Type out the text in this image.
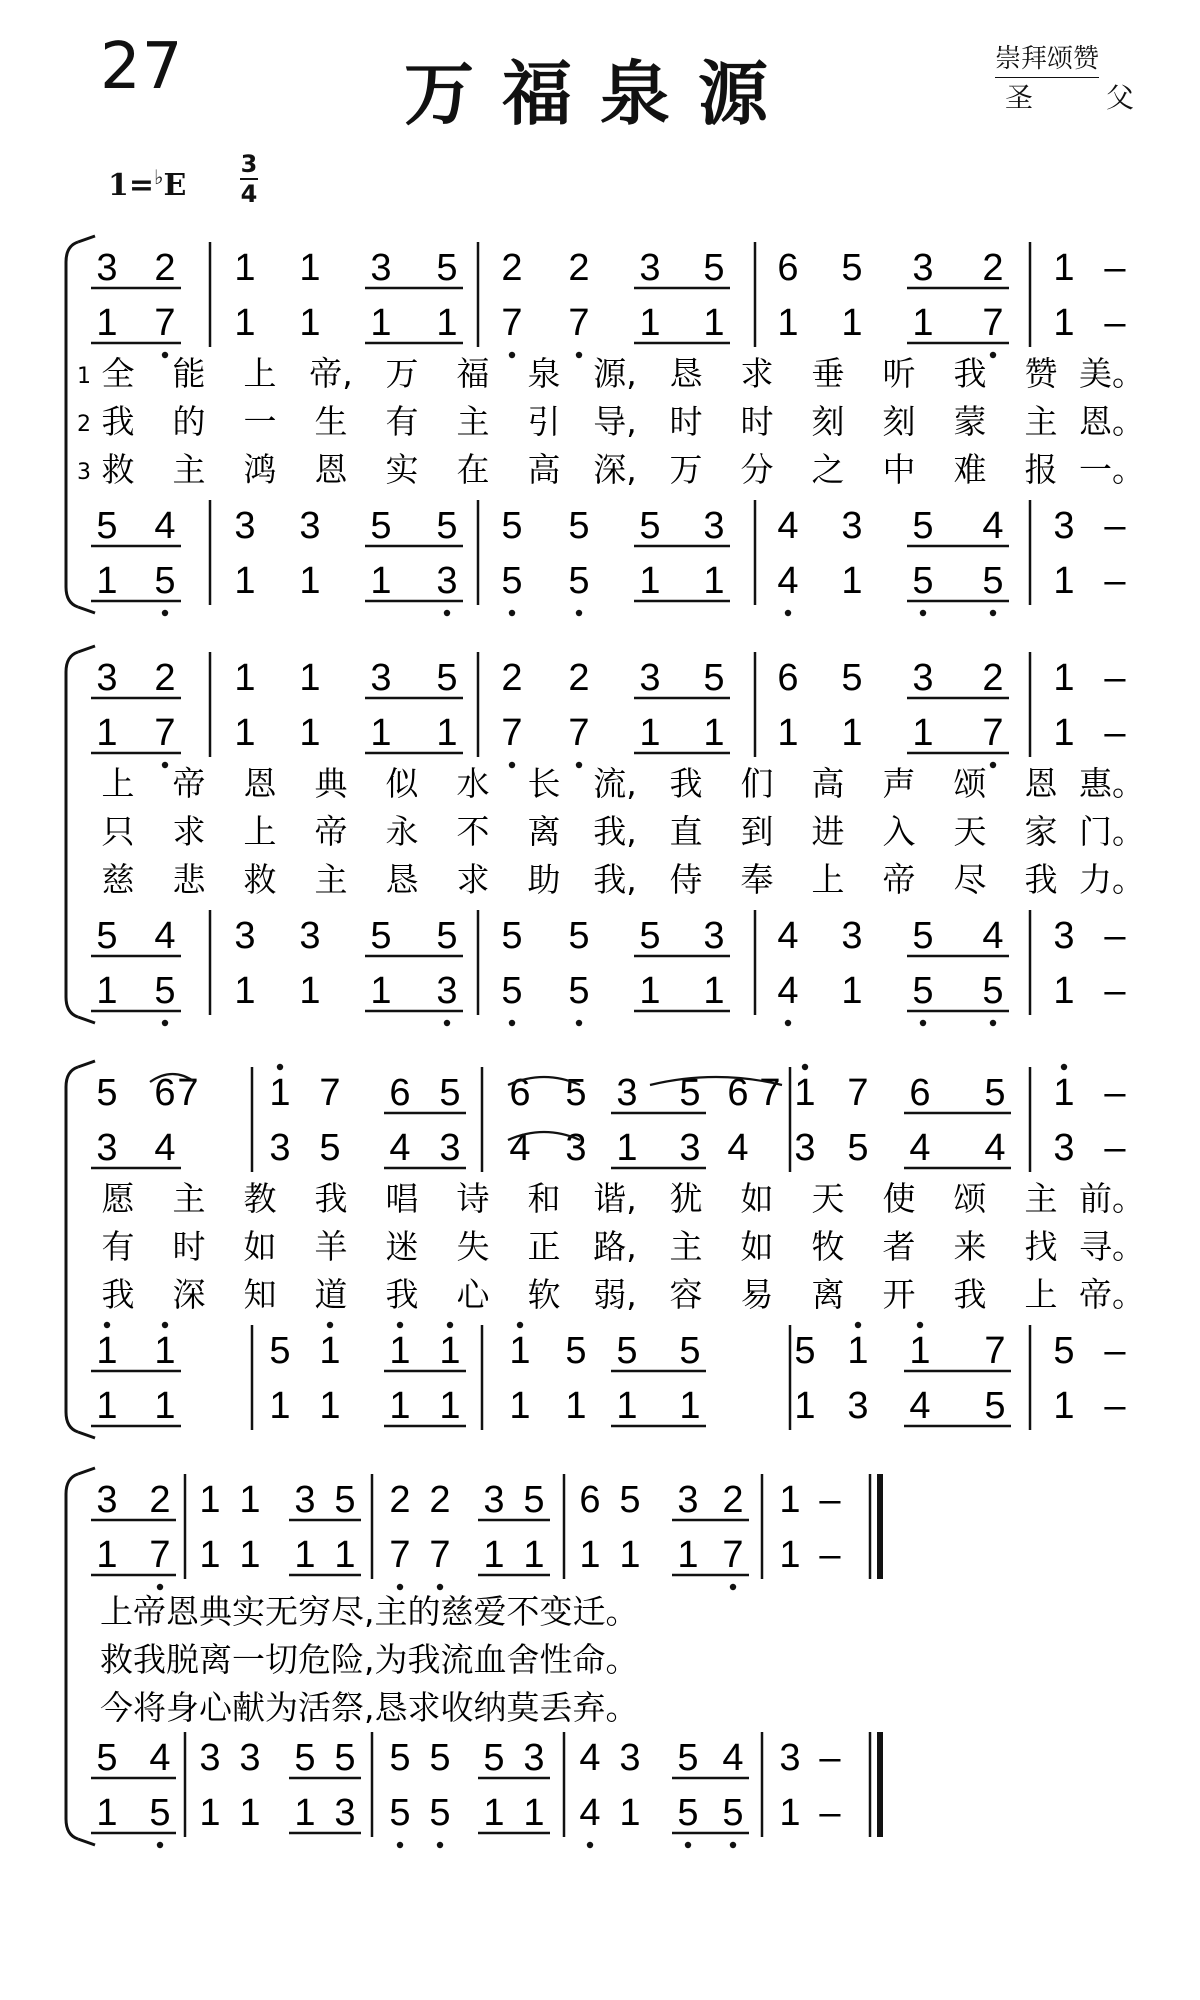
27	万福泉源	崇拜颂赞
圣 父
1=♭E
3
4
3 2 1 1 3 5 2 2 3 5 6 5 3 2 1 –
1 7 1 1 1 1 7 7 1 1 1 1 1 7 1 –
5 4 3 3 5 5 5 5 5 3 4 3 5 4 3 –
1 5 1 1 1 3 5 5 1 1 4 1 5 5 1 –
1 全 能 上 帝, 万 福 泉 源, 恳 求 垂 听 我 赞 美。
2 我 的 一 生 有 主 引 导, 时 时 刻 刻 蒙 主 恩。
3 救 主 鸿 恩 实 在 高 深, 万 分 之 中 难 报 一。
3 2 1 1 3 5 2 2 3 5 6 5 3 2 1 –
1 7 1 1 1 1 7 7 1 1 1 1 1 7 1 –
5 4 3 3 5 5 5 5 5 3 4 3 5 4 3 –
1 5 1 1 1 3 5 5 1 1 4 1 5 5 1 –
上 帝 恩 典 似 水 长 流, 我 们 高 声 颂 恩 惠。
只 求 上 帝 永 不 离 我, 直 到 进 入 天 家 门。
慈 悲 救 主 恳 求 助 我, 侍 奉 上 帝 尽 我 力。
5 6 7 1 7 6 5 6 5 3 5 6 7 1 7 6 5 1 –
3 4 3 5 4 3 4 3 1 3 4 3 5 4 4 3 –
1 1 5 1 1 1 1 5 5 5 5 1 1 7 5 –
1 1 1 1 1 1 1 1 1 1 1 3 4 5 1 –
愿 主 教 我 唱 诗 和 谐, 犹 如 天 使 颂 主 前。
有 时 如 羊 迷 失 正 路, 主 如 牧 者 来 找 寻。
我 深 知 道 我 心 软 弱, 容 易 离 开 我 上 帝。
3 2 1 1 3 5 2 2 3 5 6 5 3 2 1 –
1 7 1 1 1 1 7 7 1 1 1 1 1 7 1 –
5 4 3 3 5 5 5 5 5 3 4 3 5 4 3 –
1 5 1 1 1 3 5 5 1 1 4 1 5 5 1 –
上帝恩典实无穷尽,主的慈爱不变迁。
救我脱离一切危险,为我流血舍性命。
今将身心献为活祭,恳求收纳莫丢弃。
